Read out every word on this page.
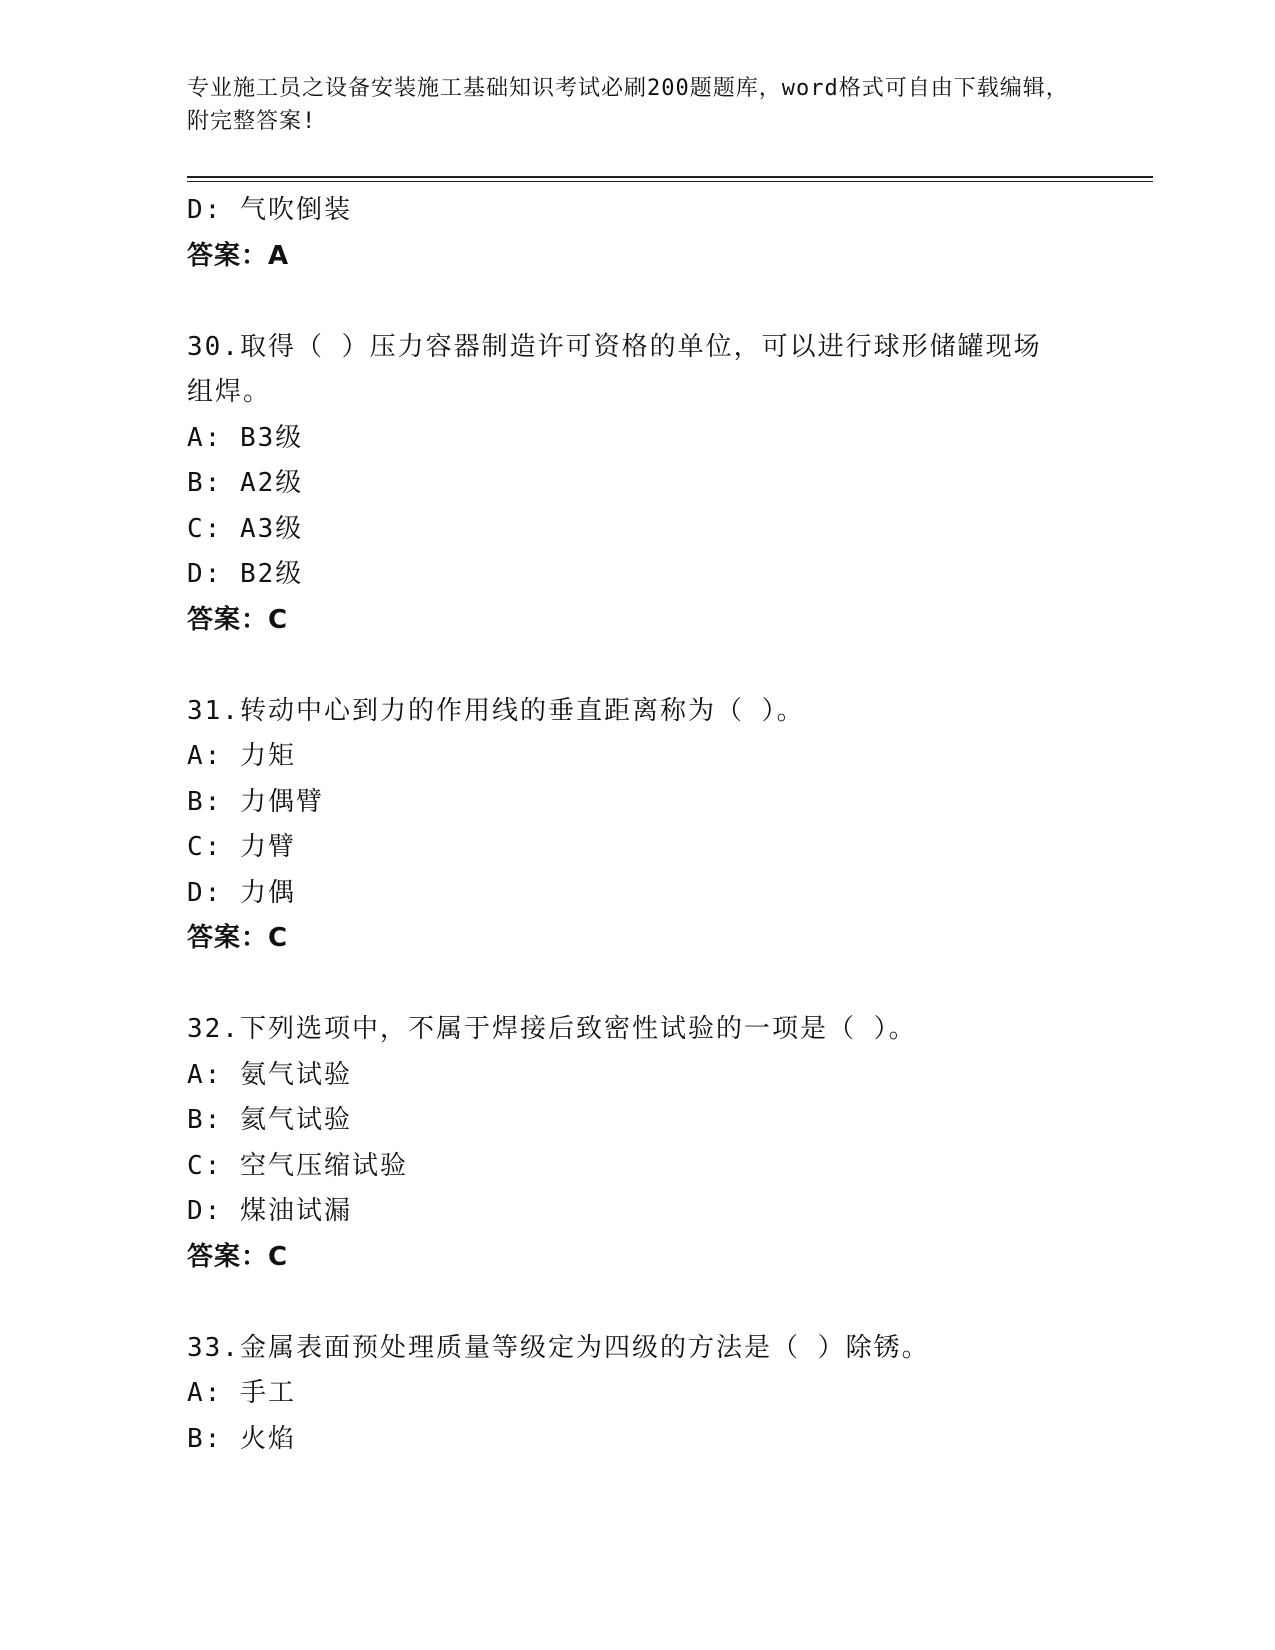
专业施工员之设备安装施工基础知识考试必刷200题题库，word格式可自由下载编辑，附完整答案!
D: 气吹倒装
答案：A
30.取得（ ）压力容器制造许可资格的单位，可以进行球形储罐现场组焊。
A: B3级
B: A2级
C: A3级
D: B2级
答案：C
31.转动中心到力的作用线的垂直距离称为（ ）。
A: 力矩
B: 力偶臂
C: 力臂
D: 力偶
答案：C
32.下列选项中，不属于焊接后致密性试验的一项是（ ）。
A: 氨气试验
B: 氦气试验
C: 空气压缩试验
D: 煤油试漏
答案：C
33.金属表面预处理质量等级定为四级的方法是（ ）除锈。
A: 手工
B: 火焰
